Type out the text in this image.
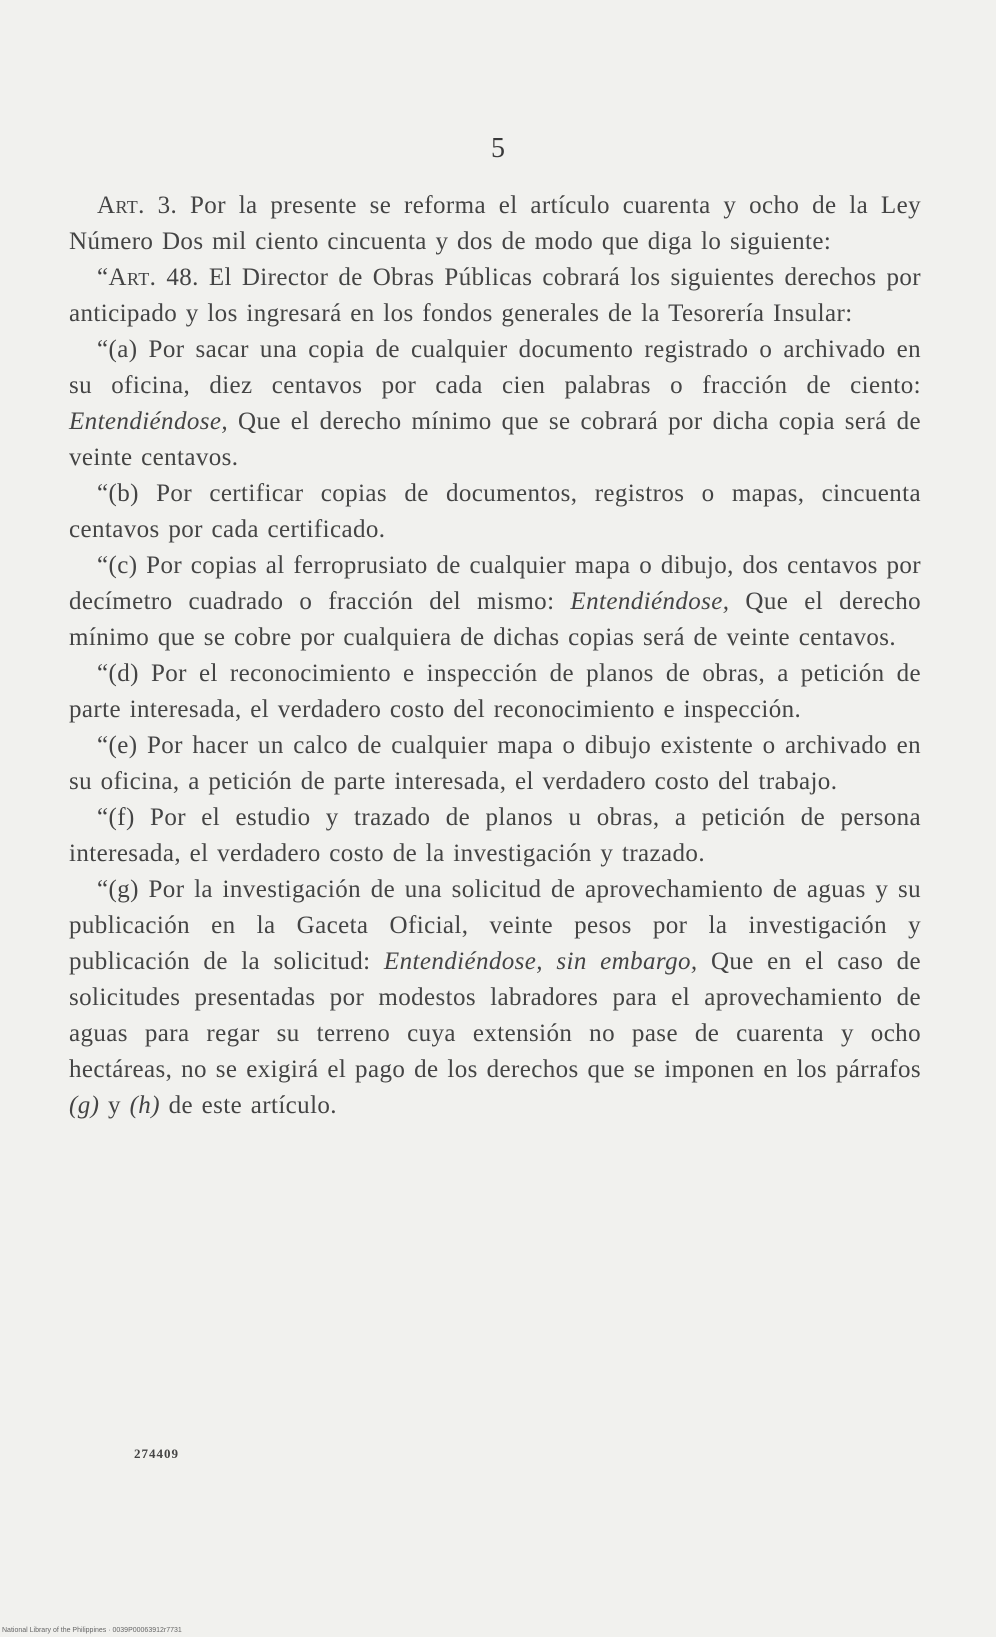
5

Art. 3. Por la presente se reforma el artículo cuarenta y ocho de la Ley Número Dos mil ciento cincuenta y dos de modo que diga lo siguiente:

“Art. 48. El Director de Obras Públicas cobrará los siguientes derechos por anticipado y los ingresará en los fondos generales de la Tesorería Insular:

“(a) Por sacar una copia de cualquier documento registrado o archivado en su oficina, diez centavos por cada cien palabras o fracción de ciento: Entendiéndose, Que el derecho mínimo que se cobrará por dicha copia será de veinte centavos.

“(b) Por certificar copias de documentos, registros o mapas, cincuenta centavos por cada certificado.

“(c) Por copias al ferroprusiato de cualquier mapa o dibujo, dos centavos por decímetro cuadrado o fracción del mismo: Entendiéndose, Que el derecho mínimo que se cobre por cualquiera de dichas copias será de veinte centavos.

“(d) Por el reconocimiento e inspección de planos de obras, a petición de parte interesada, el verdadero costo del reconocimiento e inspección.

“(e) Por hacer un calco de cualquier mapa o dibujo existente o archivado en su oficina, a petición de parte interesada, el verdadero costo del trabajo.

“(f) Por el estudio y trazado de planos u obras, a petición de persona interesada, el verdadero costo de la investigación y trazado.

“(g) Por la investigación de una solicitud de aprovechamiento de aguas y su publicación en la Gaceta Oficial, veinte pesos por la investigación y publicación de la solicitud: Entendiéndose, sin embargo, Que en el caso de solicitudes presentadas por modestos labradores para el aprovechamiento de aguas para regar su terreno cuya extensión no pase de cuarenta y ocho hectáreas, no se exigirá el pago de los derechos que se imponen en los párrafos (g) y (h) de este artículo.

274409
National Library of the Philippines · 0039P00063912r7731
